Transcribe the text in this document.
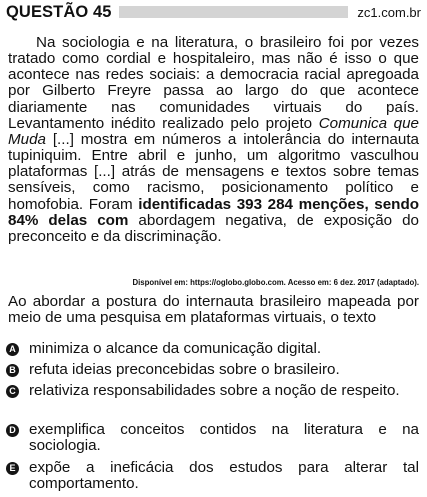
QUESTÃO 45	zc1.com.br

Na sociologia e na literatura, o brasileiro foi por vezes tratado como cordial e hospitaleiro, mas não é isso o que acontece nas redes sociais: a democracia racial apregoada por Gilberto Freyre passa ao largo do que acontece diariamente nas comunidades virtuais do país. Levantamento inédito realizado pelo projeto Comunica que Muda [...] mostra em números a intolerância do internauta tupiniquim. Entre abril e junho, um algoritmo vasculhou plataformas [...] atrás de mensagens e textos sobre temas sensíveis, como racismo, posicionamento político e homofobia. Foram identificadas 393 284 menções, sendo 84% delas com abordagem negativa, de exposição do preconceito e da discriminação.

Disponível em: https://oglobo.globo.com. Acesso em: 6 dez. 2017 (adaptado).

Ao abordar a postura do internauta brasileiro mapeada por meio de uma pesquisa em plataformas virtuais, o texto

A minimiza o alcance da comunicação digital.
B refuta ideias preconcebidas sobre o brasileiro.
C relativiza responsabilidades sobre a noção de respeito.
D exemplifica conceitos contidos na literatura e na sociologia.
E expõe a ineficácia dos estudos para alterar tal comportamento.
